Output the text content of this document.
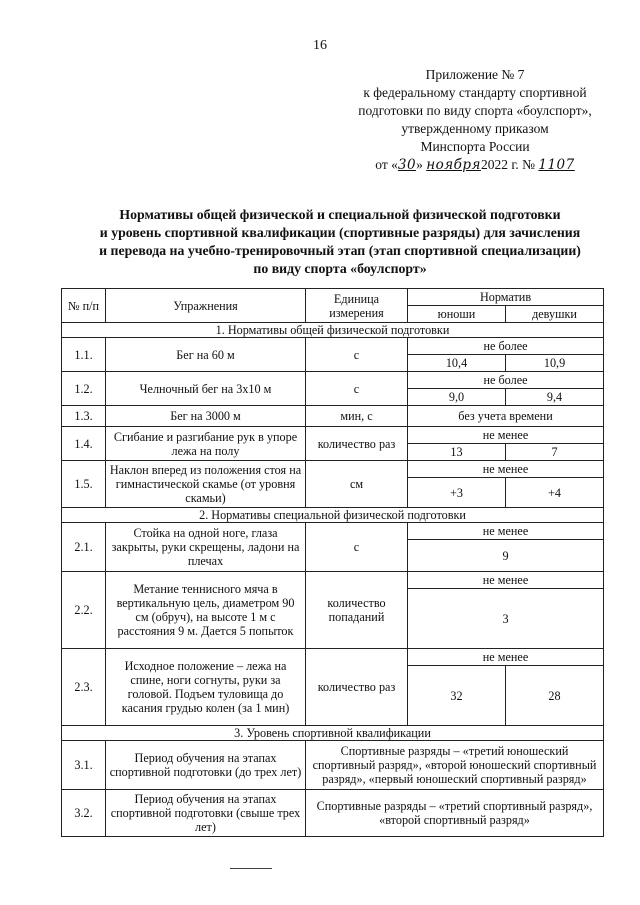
16
Приложение № 7
к федеральному стандарту спортивной
подготовки по виду спорта «боулспорт»,
утвержденному приказом
Минспорта России
от «30» ноября2022 г. № 1107
Нормативы общей физической и специальной физической подготовки
и уровень спортивной квалификации (спортивные разряды) для зачисления
и перевода на учебно-тренировочный этап (этап спортивной специализации)
по виду спорта «боулспорт»
№ п/п	Упражнения	Единица измерения	Норматив	
			юноши	девушки
1. Нормативы общей физической подготовки				
1.1.	Бег на 60 м	с	не более	
			10,4	10,9
1.2.	Челночный бег на 3х10 м	с	не более	
			9,0	9,4
1.3.	Бег на 3000 м	мин, с	без учета времени	
1.4.	Сгибание и разгибание рук в упоре лежа на полу	количество раз	не менее	
			13	7
1.5.	Наклон вперед из положения стоя на гимнастической скамье (от уровня скамьи)	см	не менее	
			+3	+4
2. Нормативы специальной физической подготовки				
2.1.	Стойка на одной ноге, глаза закрыты, руки скрещены, ладони на плечах	с	не менее	
			9	
2.2.	Метание теннисного мяча в вертикальную цель, диаметром 90 см (обруч), на высоте 1 м с расстояния 9 м. Дается 5 попыток	количество попаданий	не менее	
			3	
2.3.	Исходное положение – лежа на спине, ноги согнуты, руки за головой. Подъем туловища до касания грудью колен (за 1 мин)	количество раз	не менее	
			32	28
3. Уровень спортивной квалификации				
3.1.	Период обучения на этапах спортивной подготовки (до трех лет)	Спортивные разряды – «третий юношеский спортивный разряд», «второй юношеский спортивный разряд», «первый юношеский спортивный разряд»		
3.2.	Период обучения на этапах спортивной подготовки (свыше трех лет)	Спортивные разряды – «третий спортивный разряд», «второй спортивный разряд»		
